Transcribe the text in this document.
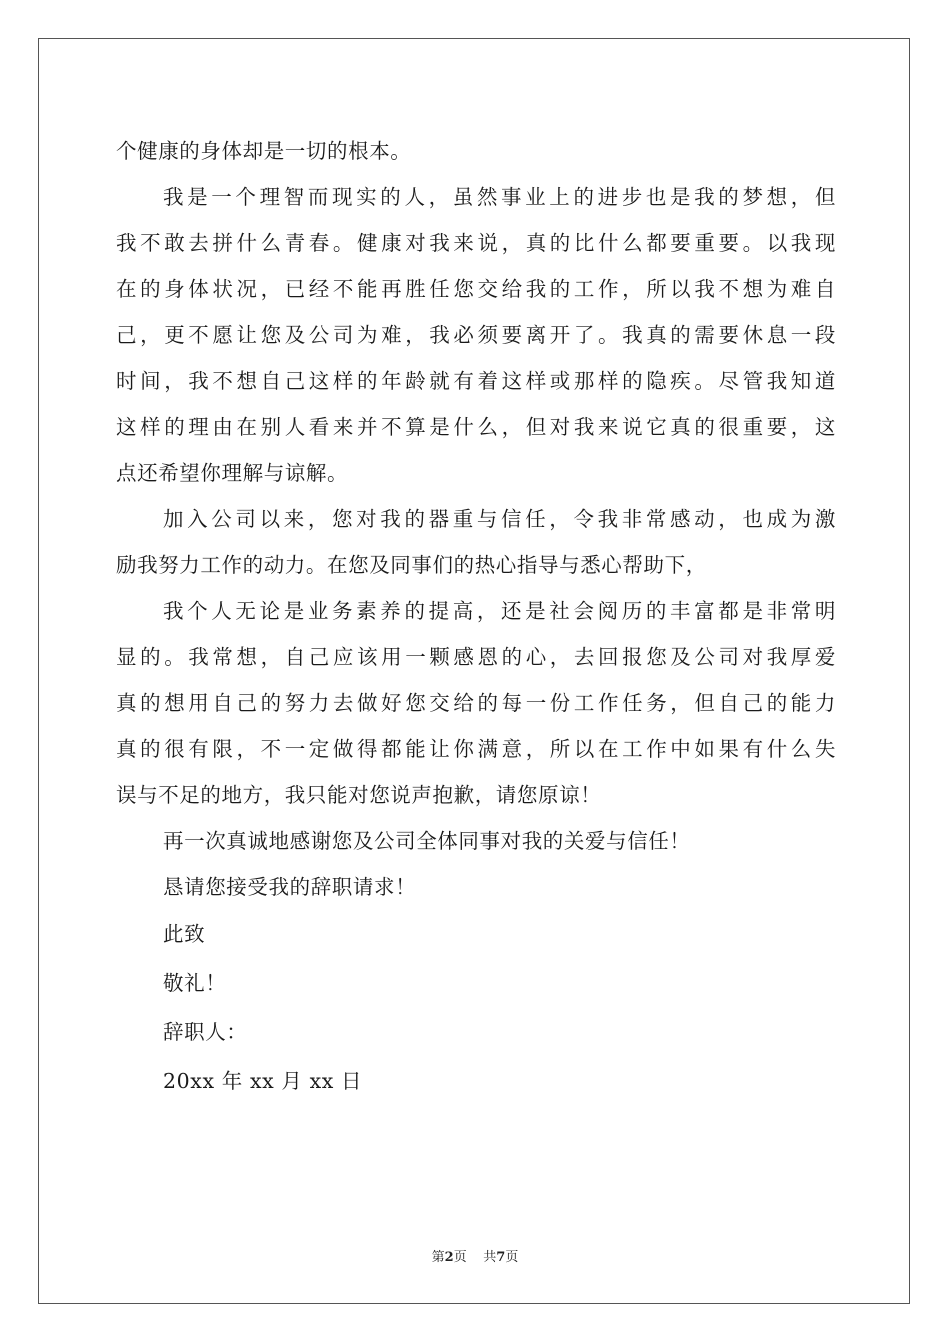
个健康的身体却是一切的根本。
我是一个理智而现实的人，虽然事业上的进步也是我的梦想，但
我不敢去拼什么青春。健康对我来说，真的比什么都要重要。以我现
在的身体状况，已经不能再胜任您交给我的工作，所以我不想为难自
己，更不愿让您及公司为难，我必须要离开了。我真的需要休息一段
时间，我不想自己这样的年龄就有着这样或那样的隐疾。尽管我知道
这样的理由在别人看来并不算是什么，但对我来说它真的很重要，这
点还希望你理解与谅解。
加入公司以来，您对我的器重与信任，令我非常感动，也成为激
励我努力工作的动力。在您及同事们的热心指导与悉心帮助下，
我个人无论是业务素养的提高，还是社会阅历的丰富都是非常明
显的。我常想，自己应该用一颗感恩的心，去回报您及公司对我厚爱
真的想用自己的努力去做好您交给的每一份工作任务，但自己的能力
真的很有限，不一定做得都能让你满意，所以在工作中如果有什么失
误与不足的地方，我只能对您说声抱歉，请您原谅！
再一次真诚地感谢您及公司全体同事对我的关爱与信任！
恳请您接受我的辞职请求！
此致
敬礼！
辞职人：
20xx 年 xx 月 xx 日
第2页 共7页
